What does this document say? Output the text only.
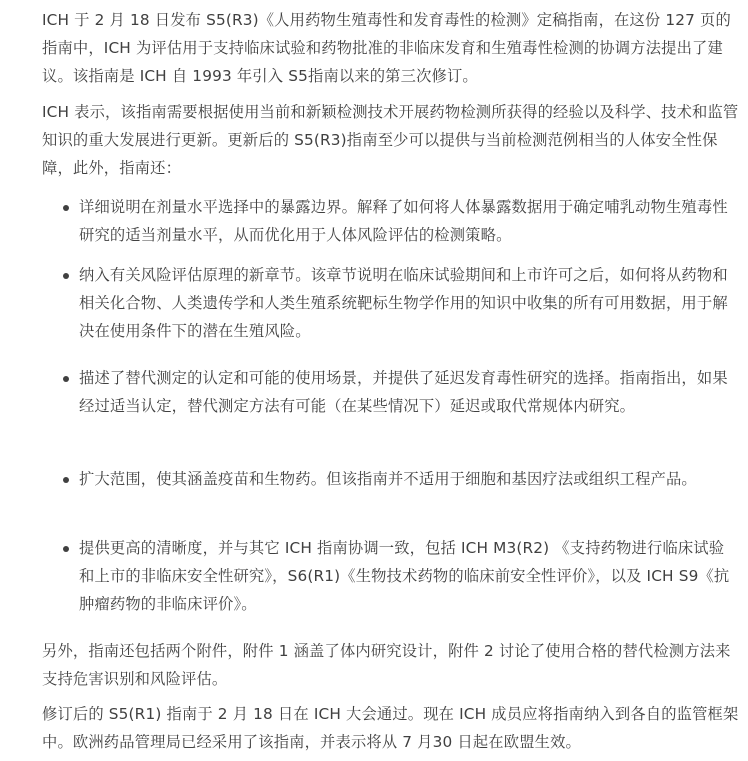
ICH 于 2 月 18 日发布 S5(R3)《人用药物生殖毒性和发育毒性的检测》定稿指南，在这份 127 页的指南中，ICH 为评估用于支持临床试验和药物批准的非临床发育和生殖毒性检测的协调方法提出了建议。该指南是 ICH 自 1993 年引入 S5指南以来的第三次修订。

ICH 表示，该指南需要根据使用当前和新颖检测技术开展药物检测所获得的经验以及科学、技术和监管知识的重大发展进行更新。更新后的 S5(R3)指南至少可以提供与当前检测范例相当的人体安全性保障，此外，指南还：

详细说明在剂量水平选择中的暴露边界。解释了如何将人体暴露数据用于确定哺乳动物生殖毒性研究的适当剂量水平，从而优化用于人体风险评估的检测策略。

纳入有关风险评估原理的新章节。该章节说明在临床试验期间和上市许可之后，如何将从药物和相关化合物、人类遗传学和人类生殖系统靶标生物学作用的知识中收集的所有可用数据，用于解决在使用条件下的潜在生殖风险。

描述了替代测定的认定和可能的使用场景，并提供了延迟发育毒性研究的选择。指南指出，如果经过适当认定，替代测定方法有可能（在某些情况下）延迟或取代常规体内研究。

扩大范围，使其涵盖疫苗和生物药。但该指南并不适用于细胞和基因疗法或组织工程产品。

提供更高的清晰度，并与其它 ICH 指南协调一致，包括 ICH M3(R2) 《支持药物进行临床试验和上市的非临床安全性研究》，S6(R1)《生物技术药物的临床前安全性评价》，以及 ICH S9《抗肿瘤药物的非临床评价》。

另外，指南还包括两个附件，附件 1 涵盖了体内研究设计，附件 2 讨论了使用合格的替代检测方法来支持危害识别和风险评估。

修订后的 S5(R1) 指南于 2 月 18 日在 ICH 大会通过。现在 ICH 成员应将指南纳入到各自的监管框架中。欧洲药品管理局已经采用了该指南，并表示将从 7 月30 日起在欧盟生效。
